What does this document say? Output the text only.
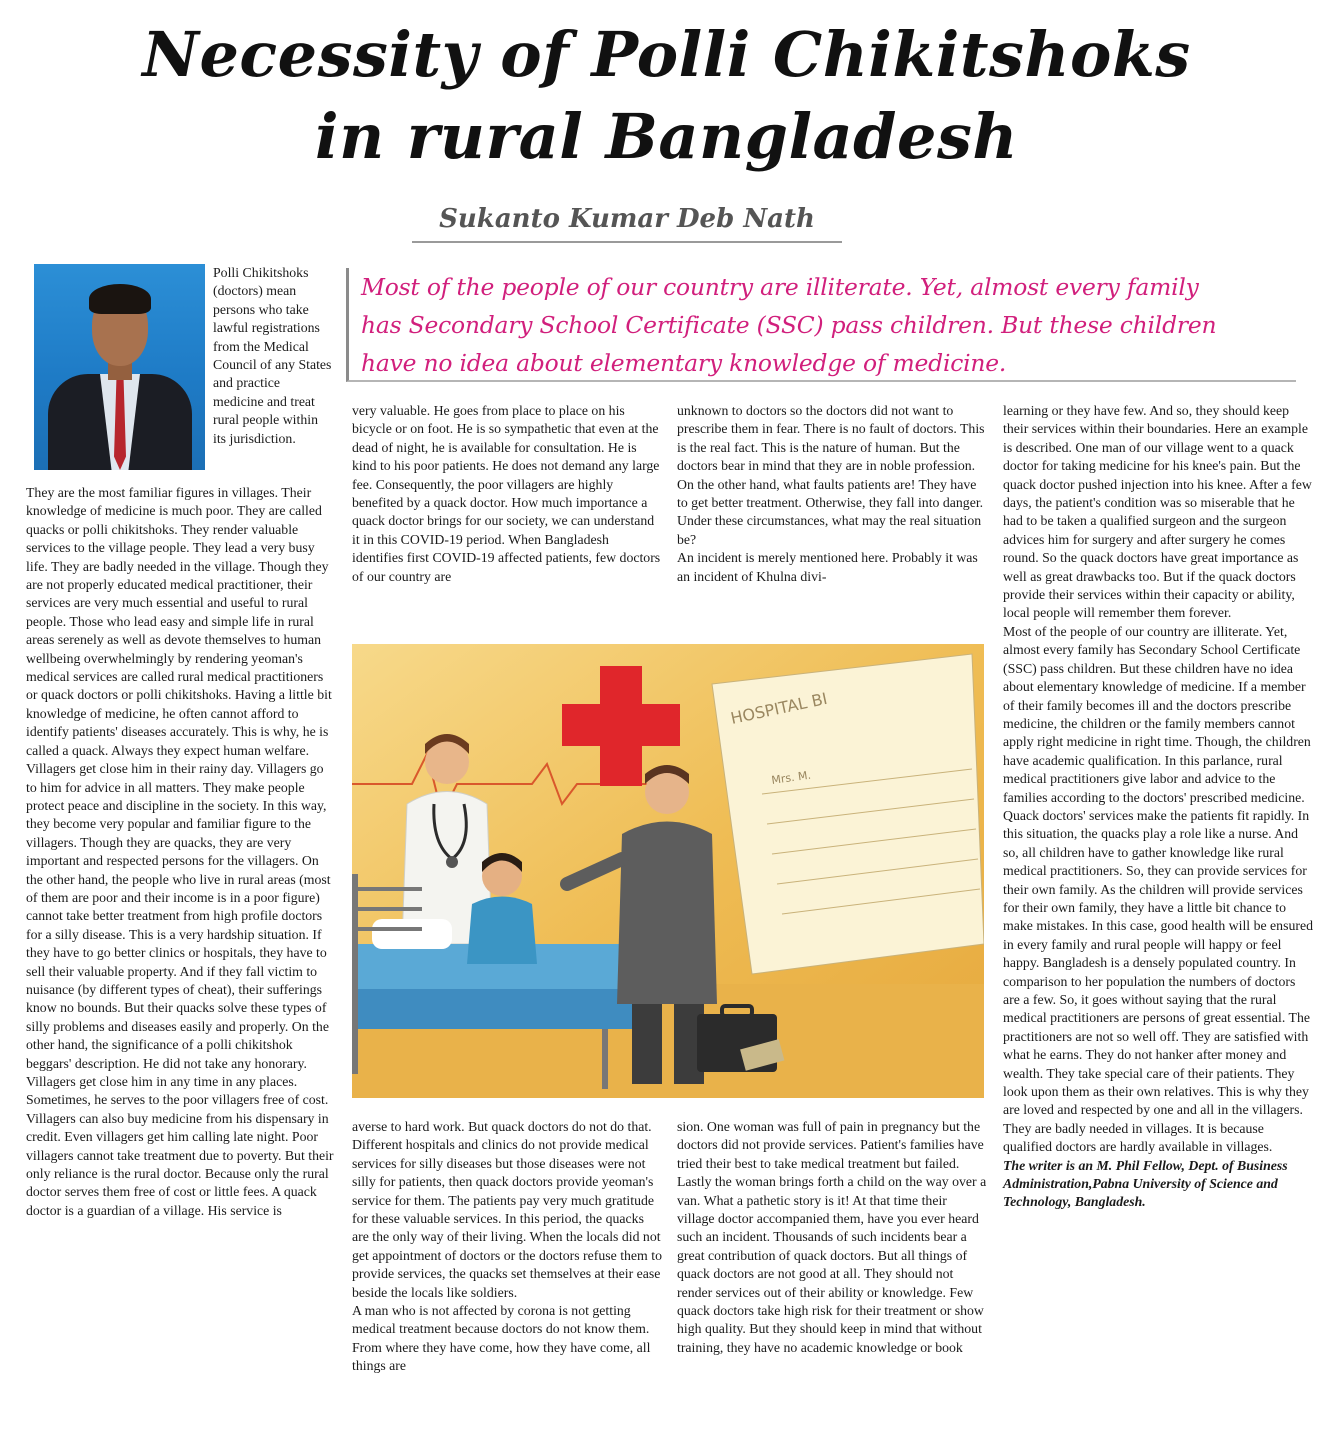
Necessity of Polli Chikitshoks
in rural Bangladesh
Sukanto Kumar Deb Nath

Polli Chikitshoks (doctors) mean persons who take lawful registrations from the Medical Council of any States and practice medicine and treat rural people within its jurisdiction.

They are the most familiar figures in villages. Their knowledge of medicine is much poor. They are called quacks or polli chikitshoks. They render valuable services to the village people. They lead a very busy life. They are badly needed in the village. Though they are not properly educated medical practitioner, their services are very much essential and useful to rural people. Those who lead easy and simple life in rural areas serenely as well as devote themselves to human wellbeing overwhelmingly by rendering yeoman's medical services are called rural medical practitioners or quack doctors or polli chikitshoks. Having a little bit knowledge of medicine, he often cannot afford to identify patients' diseases accurately. This is why, he is called a quack. Always they expect human welfare. Villagers get close him in their rainy day. Villagers go to him for advice in all matters. They make people protect peace and discipline in the society. In this way, they become very popular and familiar figure to the villagers. Though they are quacks, they are very important and respected persons for the villagers. On the other hand, the people who live in rural areas (most of them are poor and their income is in a poor figure) cannot take better treatment from high profile doctors for a silly disease. This is a very hardship situation. If they have to go better clinics or hospitals, they have to sell their valuable property. And if they fall victim to nuisance (by different types of cheat), their sufferings know no bounds. But their quacks solve these types of silly problems and diseases easily and properly. On the other hand, the significance of a polli chikitshok beggars' description. He did not take any honorary. Villagers get close him in any time in any places. Sometimes, he serves to the poor villagers free of cost. Villagers can also buy medicine from his dispensary in credit. Even villagers get him calling late night. Poor villagers cannot take treatment due to poverty. But their only reliance is the rural doctor. Because only the rural doctor serves them free of cost or little fees. A quack doctor is a guardian of a village. His service is

Most of the people of our country are illiterate. Yet, almost every family

has Secondary School Certificate (SSC) pass children. But these children

have no idea about elementary knowledge of medicine.

very valuable. He goes from place to place on his bicycle or on foot. He is so sympathetic that even at the dead of night, he is available for consultation. He is kind to his poor patients. He does not demand any large fee. Consequently, the poor villagers are highly benefited by a quack doctor. How much importance a quack doctor brings for our society, we can understand it in this COVID-19 period. When Bangladesh identifies first COVID-19 affected patients, few doctors of our country are

unknown to doctors so the doctors did not want to prescribe them in fear. There is no fault of doctors. This is the real fact. This is the nature of human. But the doctors bear in mind that they are in noble profession. On the other hand, what faults patients are! They have to get better treatment. Otherwise, they fall into danger. Under these circumstances, what may the real situation be?
An incident is merely mentioned here. Probably it was an incident of Khulna divi-

learning or they have few. And so, they should keep their services within their boundaries. Here an example is described. One man of our village went to a quack doctor for taking medicine for his knee's pain. But the quack doctor pushed injection into his knee. After a few days, the patient's condition was so miserable that he had to be taken a qualified surgeon and the surgeon advices him for surgery and after surgery he comes round. So the quack doctors have great importance as well as great drawbacks too. But if the quack doctors provide their services within their capacity or ability, local people will remember them forever.
Most of the people of our country are illiterate. Yet, almost every family has Secondary School Certificate (SSC) pass children. But these children have no idea about elementary knowledge of medicine. If a member of their family becomes ill and the doctors prescribe medicine, the children or the family members cannot apply right medicine in right time. Though, the children have academic qualification. In this parlance, rural medical practitioners give labor and advice to the families according to the doctors' prescribed medicine. Quack doctors' services make the patients fit rapidly. In this situation, the quacks play a role like a nurse. And so, all children have to gather knowledge like rural medical practitioners. So, they can provide services for their own family. As the children will provide services for their own family, they have a little bit chance to make mistakes. In this case, good health will be ensured in every family and rural people will happy or feel happy. Bangladesh is a densely populated country. In comparison to her population the numbers of doctors are a few. So, it goes without saying that the rural medical practitioners are persons of great essential. The practitioners are not so well off. They are satisfied with what he earns. They do not hanker after money and wealth. They take special care of their patients. They look upon them as their own relatives. This is why they are loved and respected by one and all in the villagers. They are badly needed in villages. It is because qualified doctors are hardly available in villages.

The writer is an M. Phil Fellow, Dept. of Business Administration,Pabna University of Science and Technology, Bangladesh.

HOSPITAL BI
Mrs. M.

averse to hard work. But quack doctors do not do that. Different hospitals and clinics do not provide medical services for silly diseases but those diseases were not silly for patients, then quack doctors provide yeoman's service for them. The patients pay very much gratitude for these valuable services. In this period, the quacks are the only way of their living. When the locals did not get appointment of doctors or the doctors refuse them to provide services, the quacks set themselves at their ease beside the locals like soldiers.
A man who is not affected by corona is not getting medical treatment because doctors do not know them. From where they have come, how they have come, all things are

sion. One woman was full of pain in pregnancy but the doctors did not provide services. Patient's families have tried their best to take medical treatment but failed. Lastly the woman brings forth a child on the way over a van. What a pathetic story is it! At that time their village doctor accompanied them, have you ever heard such an incident. Thousands of such incidents bear a great contribution of quack doctors. But all things of quack doctors are not good at all. They should not render services out of their ability or knowledge. Few quack doctors take high risk for their treatment or show high quality. But they should keep in mind that without training, they have no academic knowledge or book
